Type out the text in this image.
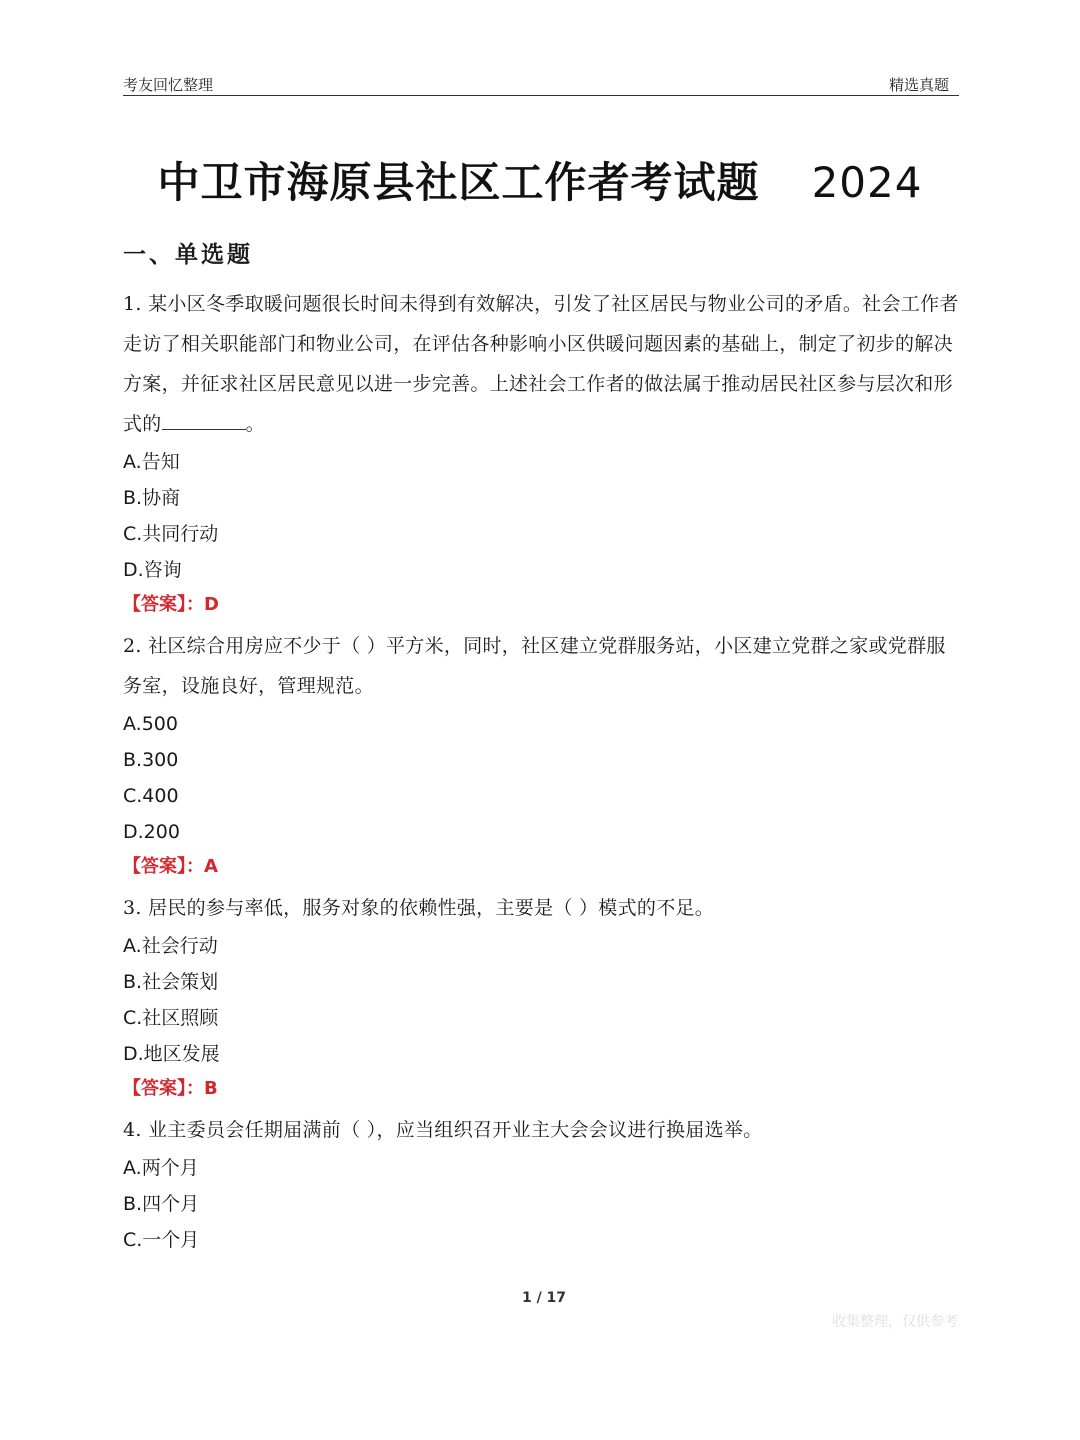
考友回忆整理	精选真题
中卫市海原县社区工作者考试题 2024
一、单选题
1. 某小区冬季取暖问题很长时间未得到有效解决，引发了社区居民与物业公司的矛盾。社会工作者走访了相关职能部门和物业公司，在评估各种影响小区供暖问题因素的基础上，制定了初步的解决方案，并征求社区居民意见以进一步完善。上述社会工作者的做法属于推动居民社区参与层次和形式的	。
A.告知
B.协商
C.共同行动
D.咨询
【答案】：D
2. 社区综合用房应不少于（ ）平方米，同时，社区建立党群服务站，小区建立党群之家或党群服务室，设施良好，管理规范。
A.500
B.300
C.400
D.200
【答案】：A
3. 居民的参与率低，服务对象的依赖性强，主要是（ ）模式的不足。
A.社会行动
B.社会策划
C.社区照顾
D.地区发展
【答案】：B
4. 业主委员会任期届满前（ ），应当组织召开业主大会会议进行换届选举。
A.两个月
B.四个月
C.一个月
1 / 17
收集整理，仅供参考
